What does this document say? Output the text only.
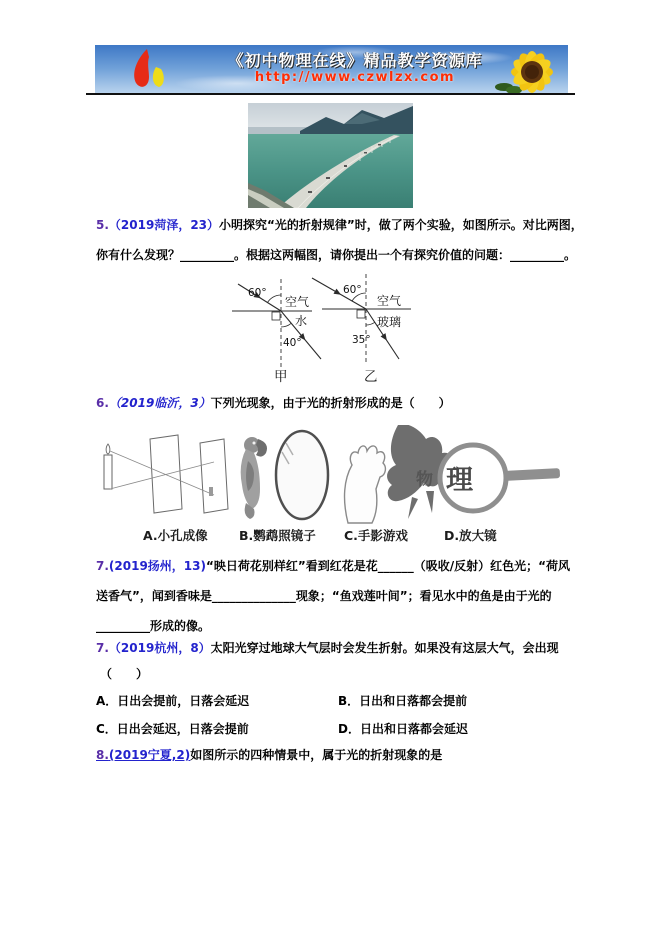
《初中物理在线》精品教学资源库
http://www.czwlzx.com
5.（2019菏泽，23）小明探究“光的折射规律”时，做了两个实验，如图所示。对比两图，
你有什么发现？_________。根据这两幅图，请你提出一个有探究价值的问题：_________。
60°
40°
60°
35°
空气
水
空气
玻璃
甲	乙
6.（2019临沂，3）下列光现象，由于光的折射形成的是（　　）
物 理
A.小孔成像	B.鹦鹉照镜子 C.手影游戏	D.放大镜
7.(2019扬州，13)“映日荷花别样红”看到红花是花______（吸收/反射）红色光；“荷风
送香气”，闻到香味是______________现象；“鱼戏莲叶间”；看见水中的鱼是由于光的
_________形成的像。
7.（2019杭州，8）太阳光穿过地球大气层时会发生折射。如果没有这层大气，会出现
（　　）
A．日出会提前，日落会延迟	B．日出和日落都会提前
C．日出会延迟，日落会提前	D．日出和日落都会延迟
8.(2019宁夏,2)如图所示的四种情景中，属于光的折射现象的是
